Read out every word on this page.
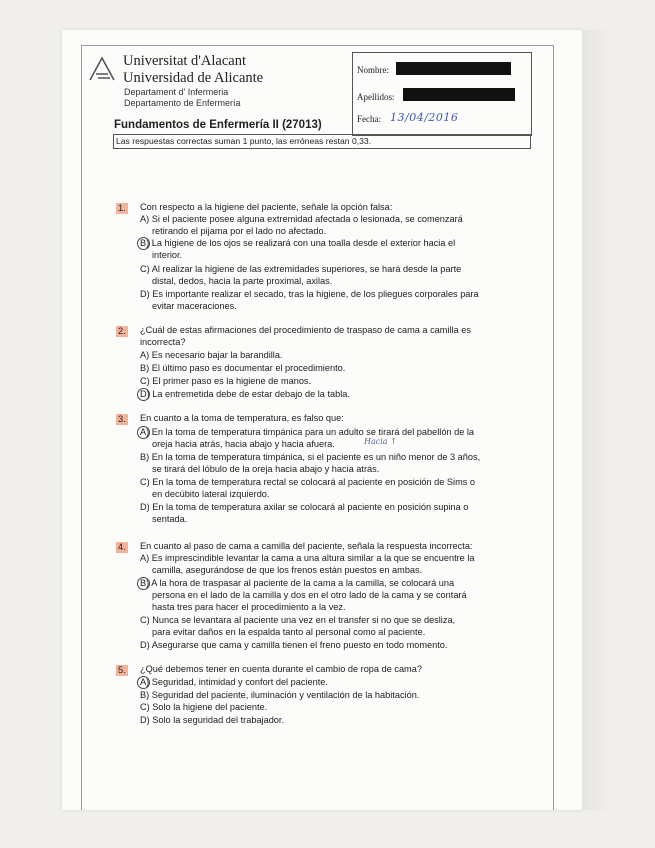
Universitat d'Alacant
Universidad de Alicante
Departament d' Infermeria
Departamento de Enfermería
Nombre:
Apellidos:
Fecha: 13/04/2016
Fundamentos de Enfermería II (27013)
Las respuestas correctas suman 1 punto, las erróneas restan 0,33.
1. Con respecto a la higiene del paciente, señale la opción falsa:
A) Si el paciente posee alguna extremidad afectada o lesionada, se comenzará
retirando el pijama por el lado no afectado.
B) La higiene de los ojos se realizará con una toalla desde el exterior hacia el
interior.
C) Al realizar la higiene de las extremidades superiores, se hará desde la parte
distal, dedos, hacia la parte proximal, axilas.
D) Es importante realizar el secado, tras la higiene, de los pliegues corporales para
evitar maceraciones.
2. ¿Cuál de estas afirmaciones del procedimiento de traspaso de cama a camilla es
incorrecta?
A) Es necesario bajar la barandilla.
B) El último paso es documentar el procedimiento.
C) El primer paso es la higiene de manos.
D) La entremetida debe de estar debajo de la tabla.
3. En cuanto a la toma de temperatura, es falso que:
A) En la toma de temperatura timpánica para un adulto se tirará del pabellón de la
oreja hacia atrás, hacia abajo y hacia afuera.	Hacia ↑
B) En la toma de temperatura timpánica, si el paciente es un niño menor de 3 años,
se tirará del lóbulo de la oreja hacia abajo y hacia atrás.
C) En la toma de temperatura rectal se colocará al paciente en posición de Sims o
en decúbito lateral izquierdo.
D) En la toma de temperatura axilar se colocará al paciente en posición supina o
sentada.
4. En cuanto al paso de cama a camilla del paciente, señala la respuesta incorrecta:
A) Es imprescindible levantar la cama a una altura similar a la que se encuentre la
camilla, asegurándose de que los frenos están puestos en ambas.
B) A la hora de traspasar al paciente de la cama a la camilla, se colocará una
persona en el lado de la camilla y dos en el otro lado de la cama y se contará
hasta tres para hacer el procedimiento a la vez.
C) Nunca se levantara al paciente una vez en el transfer si no que se desliza,
para evitar daños en la espalda tanto al personal como al paciente.
D) Asegurarse que cama y camilla tienen el freno puesto en todo momento.
5. ¿Qué debemos tener en cuenta durante el cambio de ropa de cama?
A) Seguridad, intimidad y confort del paciente.
B) Seguridad del paciente, iluminación y ventilación de la habitación.
C) Solo la higiene del paciente.
D) Solo la seguridad del trabajador.
